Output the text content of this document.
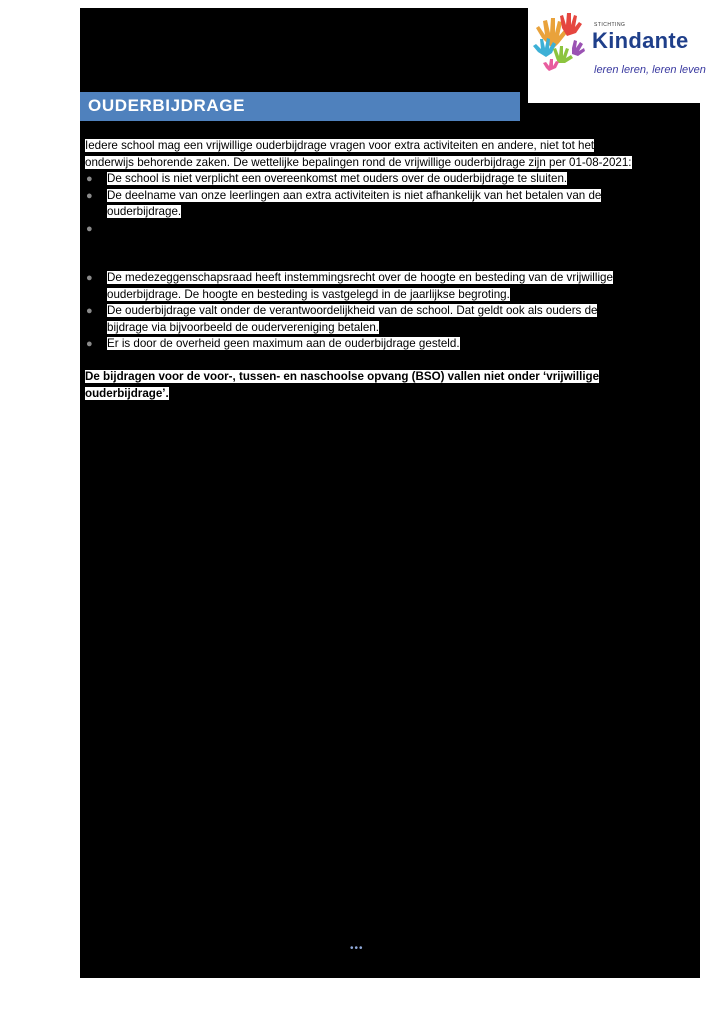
STICHTING
Kindante
leren leren, leren leven
OUDERBIJDRAGE

Iedere school mag een vrijwillige ouderbijdrage vragen voor extra activiteiten en andere, niet tot het onderwijs behorende zaken. De wettelijke bepalingen rond de vrijwillige ouderbijdrage zijn per 01-08-2021:

● De school is niet verplicht een overeenkomst met ouders over de ouderbijdrage te sluiten.
● De deelname van onze leerlingen aan extra activiteiten is niet afhankelijk van het betalen van de ouderbijdrage.
●
● De medezeggenschapsraad heeft instemmingsrecht over de hoogte en besteding van de vrijwillige ouderbijdrage. De hoogte en besteding is vastgelegd in de jaarlijkse begroting.
● De ouderbijdrage valt onder de verantwoordelijkheid van de school. Dat geldt ook als ouders de bijdrage via bijvoorbeeld de oudervereniging betalen.
● Er is door de overheid geen maximum aan de ouderbijdrage gesteld.

De bijdragen voor de voor-, tussen- en naschoolse opvang (BSO) vallen niet onder ‘vrijwillige ouderbijdrage’.

•••
